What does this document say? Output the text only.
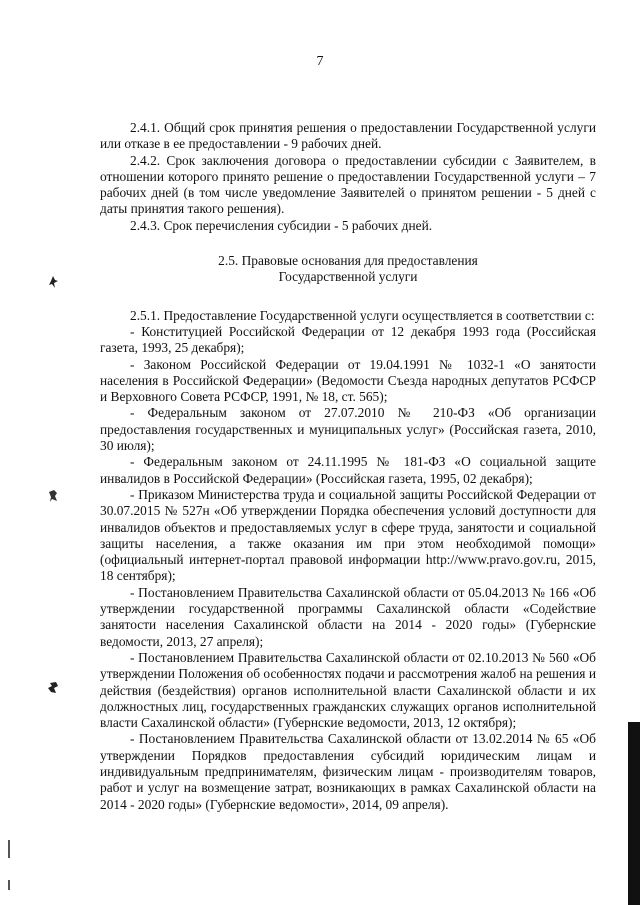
7

2.4.1. Общий срок принятия решения о предоставлении Государственной услуги или отказе в ее предоставлении - 9 рабочих дней.

2.4.2. Срок заключения договора о предоставлении субсидии с Заявителем, в отношении которого принято решение о предоставлении Государственной услуги – 7 рабочих дней (в том числе уведомление Заявителей о принятом решении - 5 дней с даты принятия такого решения).

2.4.3. Срок перечисления субсидии - 5 рабочих дней.

2.5. Правовые основания для предоставления
Государственной услуги

2.5.1. Предоставление Государственной услуги осуществляется в соответствии с:

- Конституцией Российской Федерации от 12 декабря 1993 года (Российская газета, 1993, 25 декабря);

- Законом Российской Федерации от 19.04.1991 № 1032-1 «О занятости населения в Российской Федерации» (Ведомости Съезда народных депутатов РСФСР и Верховного Совета РСФСР, 1991, № 18, ст. 565);

- Федеральным законом от 27.07.2010 № 210-ФЗ «Об организации предоставления государственных и муниципальных услуг» (Российская газета, 2010, 30 июля);

- Федеральным законом от 24.11.1995 № 181-ФЗ «О социальной защите инвалидов в Российской Федерации» (Российская газета, 1995, 02 декабря);

- Приказом Министерства труда и социальной защиты Российской Федерации от 30.07.2015 № 527н «Об утверждении Порядка обеспечения условий доступности для инвалидов объектов и предоставляемых услуг в сфере труда, занятости и социальной защиты населения, а также оказания им при этом необходимой помощи» (официальный интернет-портал правовой информации http://www.pravo.gov.ru, 2015, 18 сентября);

- Постановлением Правительства Сахалинской области от 05.04.2013 № 166 «Об утверждении государственной программы Сахалинской области «Содействие занятости населения Сахалинской области на 2014 - 2020 годы» (Губернские ведомости, 2013, 27 апреля);

- Постановлением Правительства Сахалинской области от 02.10.2013 № 560 «Об утверждении Положения об особенностях подачи и рассмотрения жалоб на решения и действия (бездействия) органов исполнительной власти Сахалинской области и их должностных лиц, государственных гражданских служащих органов исполнительной власти Сахалинской области» (Губернские ведомости, 2013, 12 октября);

- Постановлением Правительства Сахалинской области от 13.02.2014 № 65 «Об утверждении Порядков предоставления субсидий юридическим лицам и индивидуальным предпринимателям, физическим лицам - производителям товаров, работ и услуг на возмещение затрат, возникающих в рамках Сахалинской области на 2014 - 2020 годы» (Губернские ведомости», 2014, 09 апреля).
